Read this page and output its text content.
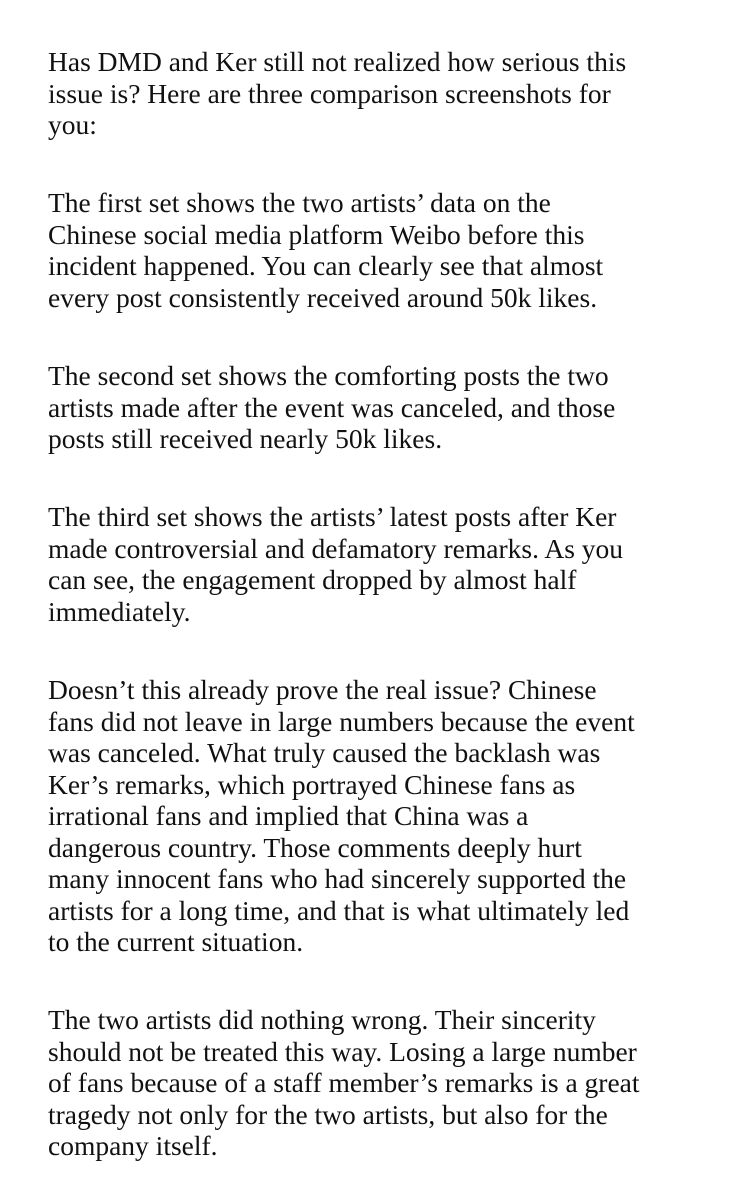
Has DMD and Ker still not realized how serious this
issue is? Here are three comparison screenshots for
you:
The first set shows the two artists’ data on the
Chinese social media platform Weibo before this
incident happened. You can clearly see that almost
every post consistently received around 50k likes.
The second set shows the comforting posts the two
artists made after the event was canceled, and those
posts still received nearly 50k likes.
The third set shows the artists’ latest posts after Ker
made controversial and defamatory remarks. As you
can see, the engagement dropped by almost half
immediately.
Doesn’t this already prove the real issue? Chinese
fans did not leave in large numbers because the event
was canceled. What truly caused the backlash was
Ker’s remarks, which portrayed Chinese fans as
irrational fans and implied that China was a
dangerous country. Those comments deeply hurt
many innocent fans who had sincerely supported the
artists for a long time, and that is what ultimately led
to the current situation.
The two artists did nothing wrong. Their sincerity
should not be treated this way. Losing a large number
of fans because of a staff member’s remarks is a great
tragedy not only for the two artists, but also for the
company itself.
